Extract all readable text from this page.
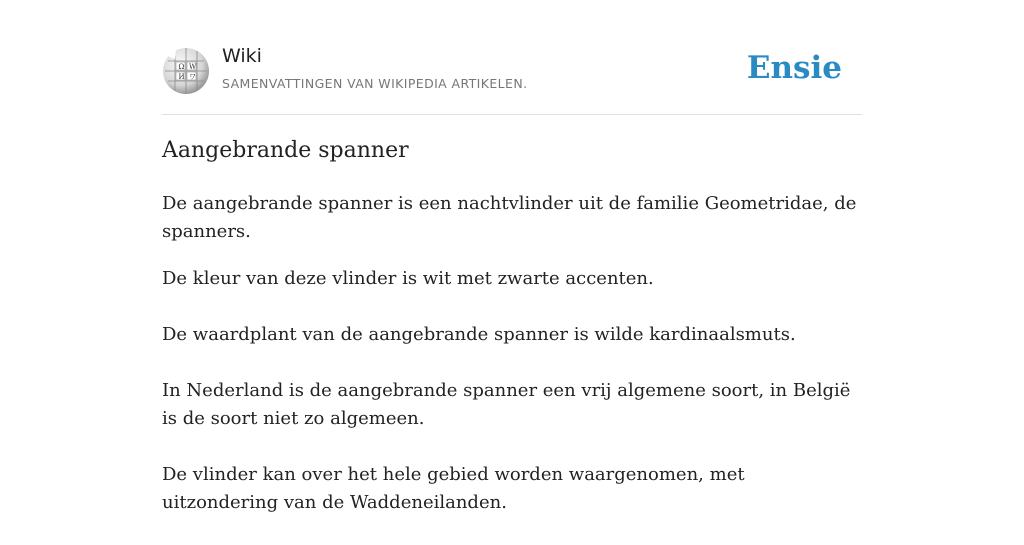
Ω W
И ワ
Wiki
SAMENVATTINGEN VAN WIKIPEDIA ARTIKELEN.	Ensie
Aangebrande spanner

De aangebrande spanner is een nachtvlinder uit de familie Geometridae, de spanners.

De kleur van deze vlinder is wit met zwarte accenten.

De waardplant van de aangebrande spanner is wilde kardinaalsmuts.

In Nederland is de aangebrande spanner een vrij algemene soort, in België is de soort niet zo algemeen.

De vlinder kan over het hele gebied worden waargenomen, met uitzondering van de Waddeneilanden.
